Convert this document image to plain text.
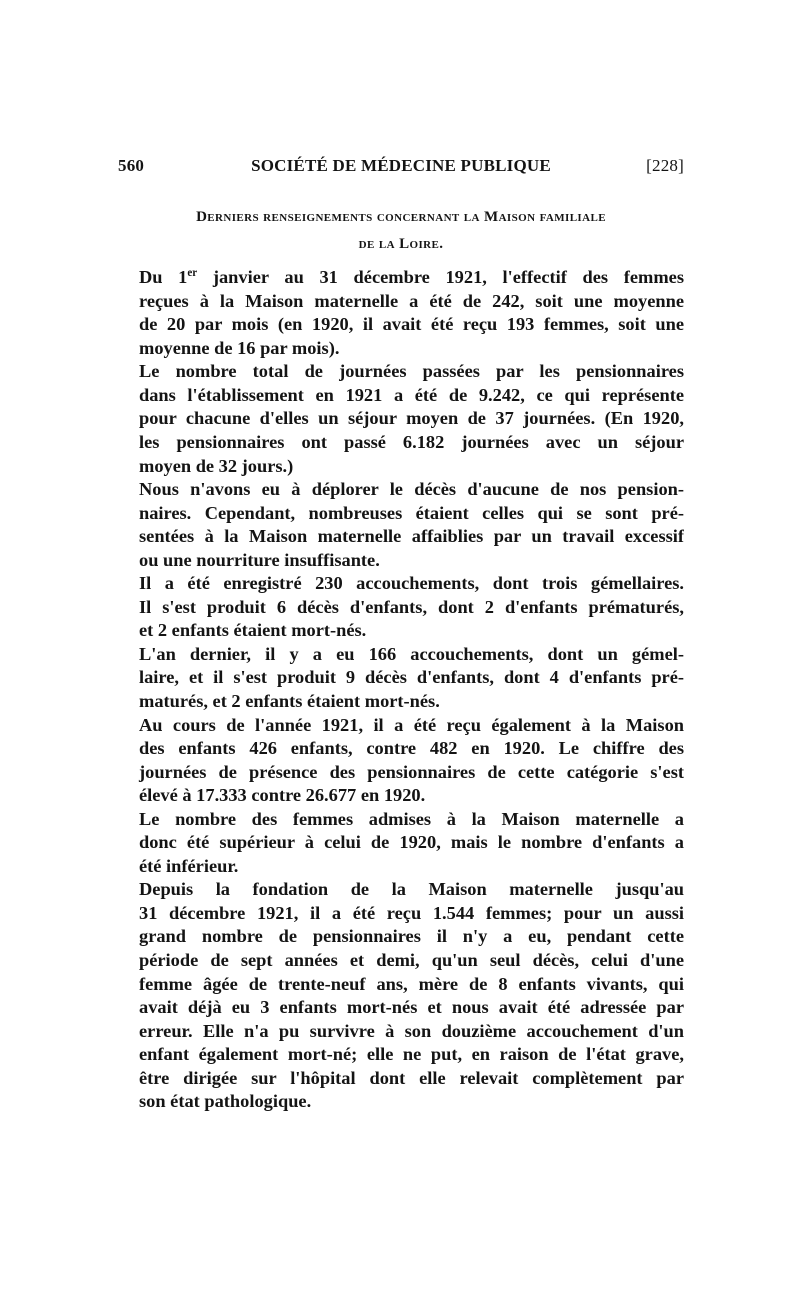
560	SOCIÉTÉ DE MÉDECINE PUBLIQUE	[228]
Derniers renseignements concernant la Maison familiale
de la Loire.

Du 1er janvier au 31 décembre 1921, l'effectif des femmes
reçues à la Maison maternelle a été de 242, soit une moyenne
de 20 par mois (en 1920, il avait été reçu 193 femmes, soit une
moyenne de 16 par mois).

Le nombre total de journées passées par les pensionnaires
dans l'établissement en 1921 a été de 9.242, ce qui représente
pour chacune d'elles un séjour moyen de 37 journées. (En 1920,
les pensionnaires ont passé 6.182 journées avec un séjour
moyen de 32 jours.)

Nous n'avons eu à déplorer le décès d'aucune de nos pension-
naires. Cependant, nombreuses étaient celles qui se sont pré-
sentées à la Maison maternelle affaiblies par un travail excessif
ou une nourriture insuffisante.

Il a été enregistré 230 accouchements, dont trois gémellaires.
Il s'est produit 6 décès d'enfants, dont 2 d'enfants prématurés,
et 2 enfants étaient mort-nés.

L'an dernier, il y a eu 166 accouchements, dont un gémel-
laire, et il s'est produit 9 décès d'enfants, dont 4 d'enfants pré-
maturés, et 2 enfants étaient mort-nés.

Au cours de l'année 1921, il a été reçu également à la Maison
des enfants 426 enfants, contre 482 en 1920. Le chiffre des
journées de présence des pensionnaires de cette catégorie s'est
élevé à 17.333 contre 26.677 en 1920.

Le nombre des femmes admises à la Maison maternelle a
donc été supérieur à celui de 1920, mais le nombre d'enfants a
été inférieur.

Depuis la fondation de la Maison maternelle jusqu'au
31 décembre 1921, il a été reçu 1.544 femmes; pour un aussi
grand nombre de pensionnaires il n'y a eu, pendant cette
période de sept années et demi, qu'un seul décès, celui d'une
femme âgée de trente-neuf ans, mère de 8 enfants vivants, qui
avait déjà eu 3 enfants mort-nés et nous avait été adressée par
erreur. Elle n'a pu survivre à son douzième accouchement d'un
enfant également mort-né; elle ne put, en raison de l'état grave,
être dirigée sur l'hôpital dont elle relevait complètement par
son état pathologique.
